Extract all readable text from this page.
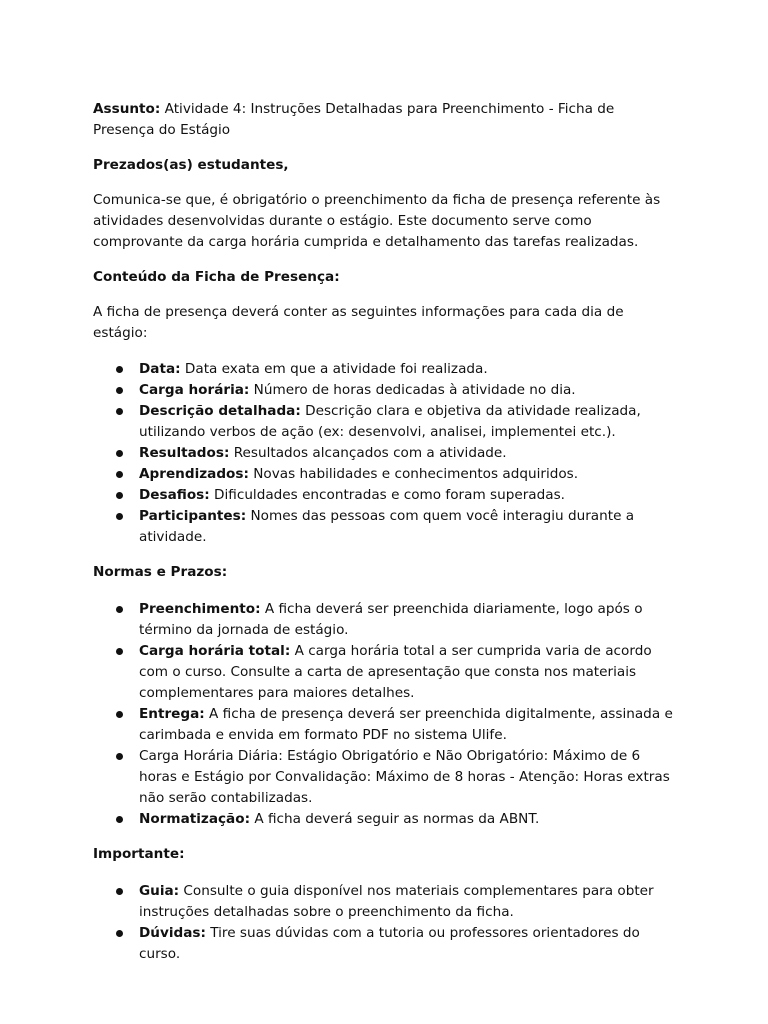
Assunto: Atividade 4: Instruções Detalhadas para Preenchimento - Ficha de Presença do Estágio

Prezados(as) estudantes,

Comunica-se que, é obrigatório o preenchimento da ficha de presença referente às atividades desenvolvidas durante o estágio. Este documento serve como comprovante da carga horária cumprida e detalhamento das tarefas realizadas.

Conteúdo da Ficha de Presença:

A ficha de presença deverá conter as seguintes informações para cada dia de estágio:

Data: Data exata em que a atividade foi realizada.
Carga horária: Número de horas dedicadas à atividade no dia.
Descrição detalhada: Descrição clara e objetiva da atividade realizada, utilizando verbos de ação (ex: desenvolvi, analisei, implementei etc.).
Resultados: Resultados alcançados com a atividade.
Aprendizados: Novas habilidades e conhecimentos adquiridos.
Desafios: Dificuldades encontradas e como foram superadas.
Participantes: Nomes das pessoas com quem você interagiu durante a atividade.

Normas e Prazos:

Preenchimento: A ficha deverá ser preenchida diariamente, logo após o término da jornada de estágio.
Carga horária total: A carga horária total a ser cumprida varia de acordo com o curso. Consulte a carta de apresentação que consta nos materiais complementares para maiores detalhes.
Entrega: A ficha de presença deverá ser preenchida digitalmente, assinada e carimbada e envida em formato PDF no sistema Ulife.
Carga Horária Diária: Estágio Obrigatório e Não Obrigatório: Máximo de 6 horas e Estágio por Convalidação: Máximo de 8 horas - Atenção: Horas extras não serão contabilizadas.
Normatização: A ficha deverá seguir as normas da ABNT.

Importante:

Guia: Consulte o guia disponível nos materiais complementares para obter instruções detalhadas sobre o preenchimento da ficha.
Dúvidas: Tire suas dúvidas com a tutoria ou professores orientadores do curso.
